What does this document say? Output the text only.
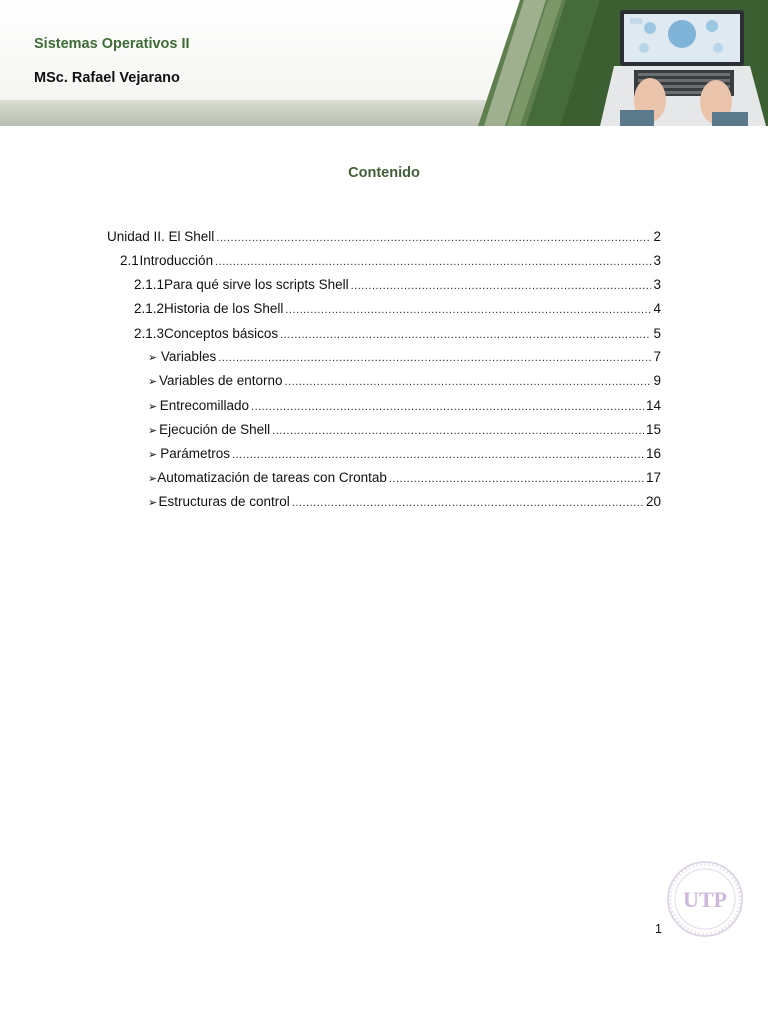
Sistemas Operativos II
MSc. Rafael Vejarano
Contenido
Unidad II. El Shell .....	2
2.1 Introducción .....	3
2.1.1 Para qué sirve los scripts Shell .....	3
2.1.2 Historia de los Shell .....	4
2.1.3 Conceptos básicos .....	5
➢ Variables .....	7
➢ Variables de entorno .....	9
➢ Entrecomillado .....	14
➢ Ejecución de Shell .....	15
➢ Parámetros .....	16
➢ Automatización de tareas con Crontab .....	17
➢ Estructuras de control .....	20
UTP
1
